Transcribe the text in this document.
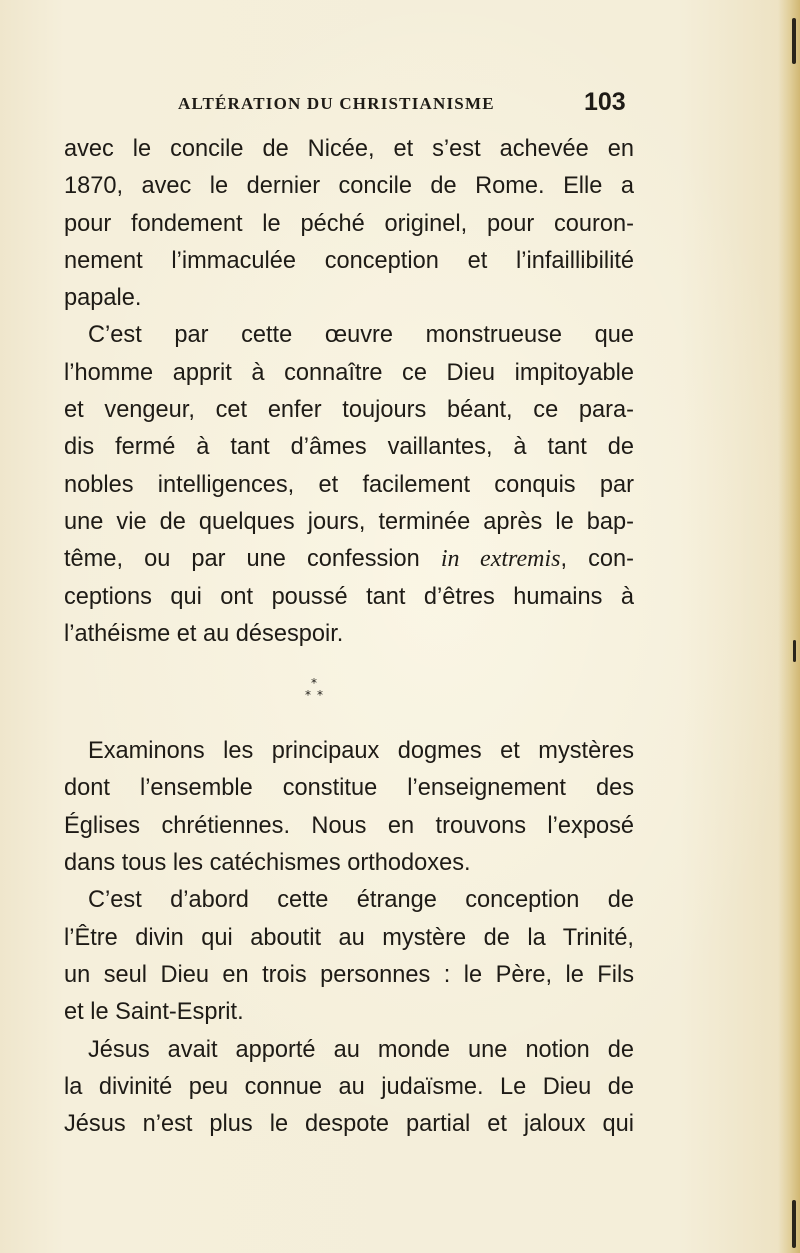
ALTÉRATION DU CHRISTIANISME	103
avec le concile de Nicée, et s’est achevée en
1870, avec le dernier concile de Rome. Elle a
pour fondement le péché originel, pour couron-
nement l’immaculée conception et l’infaillibilité
papale.
C’est par cette œuvre monstrueuse que
l’homme apprit à connaître ce Dieu impitoyable
et vengeur, cet enfer toujours béant, ce para-
dis fermé à tant d’âmes vaillantes, à tant de
nobles intelligences, et facilement conquis par
une vie de quelques jours, terminée après le bap-
tême, ou par une confession in extremis, con-
ceptions qui ont poussé tant d’êtres humains à
l’athéisme et au désespoir.
*
* *
Examinons les principaux dogmes et mystères
dont l’ensemble constitue l’enseignement des
Églises chrétiennes. Nous en trouvons l’exposé
dans tous les catéchismes orthodoxes.
C’est d’abord cette étrange conception de
l’Être divin qui aboutit au mystère de la Trinité,
un seul Dieu en trois personnes : le Père, le Fils
et le Saint-Esprit.
Jésus avait apporté au monde une notion de
la divinité peu connue au judaïsme. Le Dieu de
Jésus n’est plus le despote partial et jaloux qui
